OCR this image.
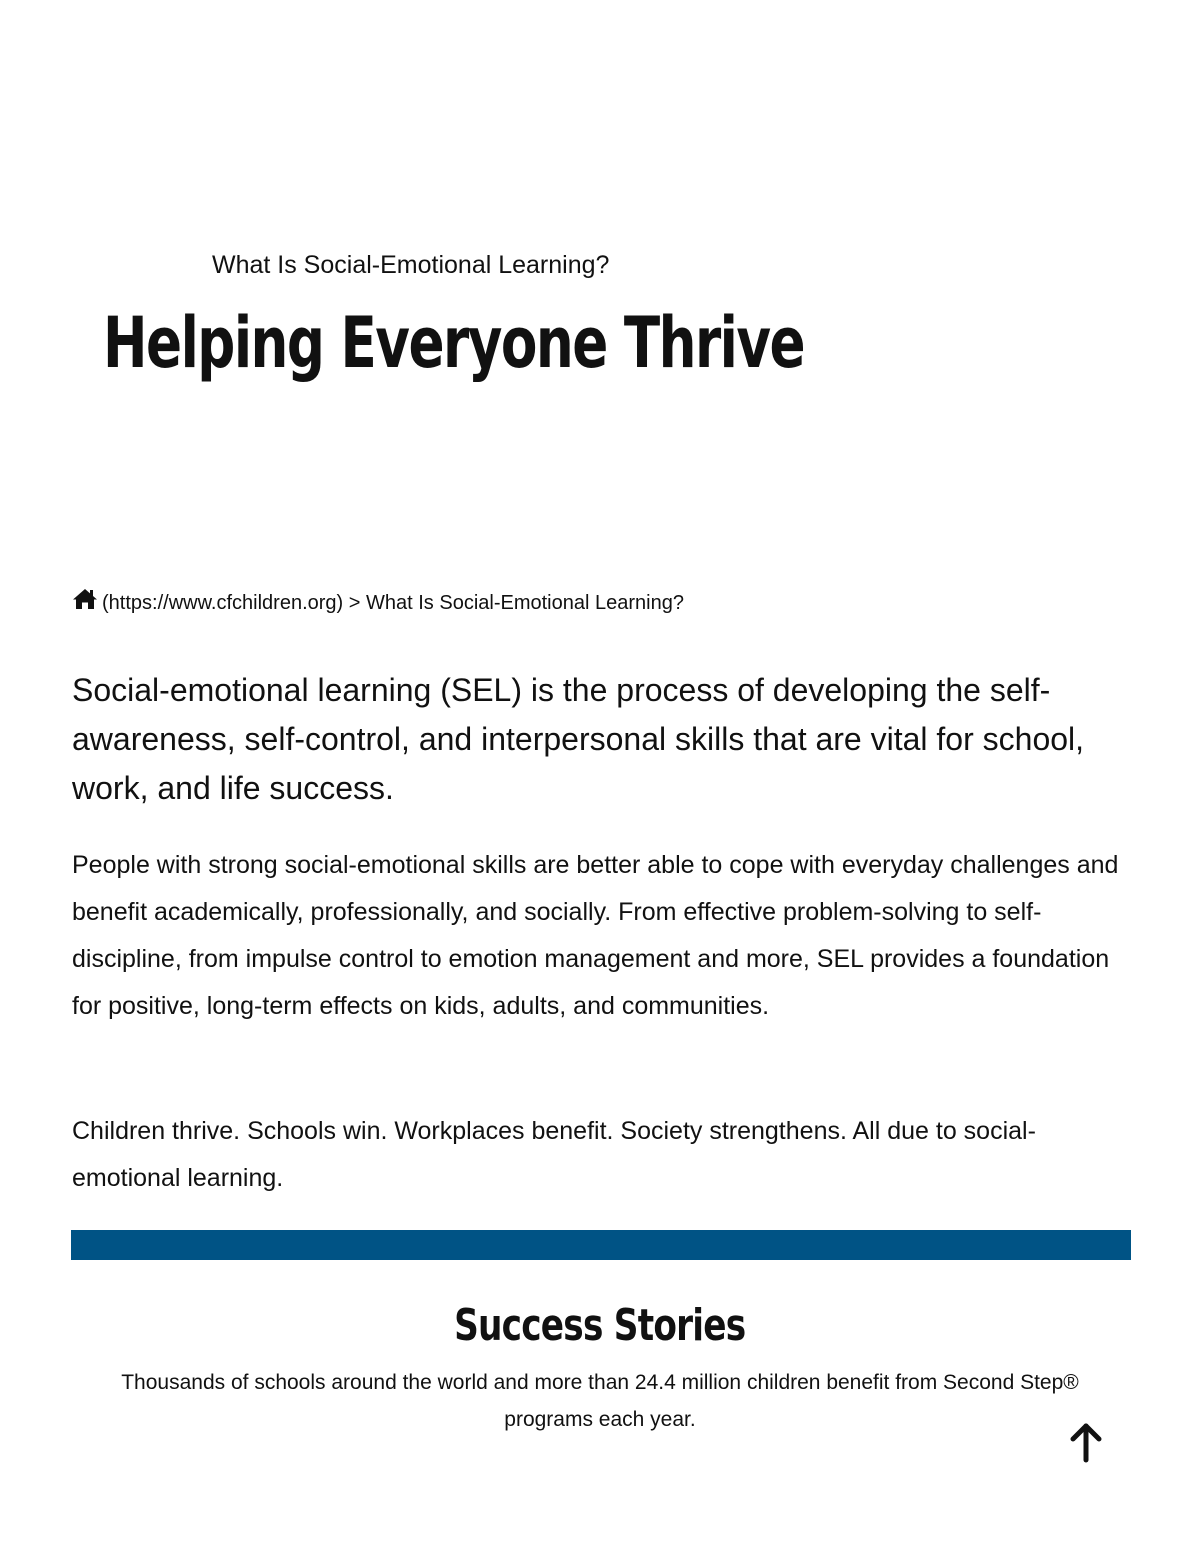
What Is Social-Emotional Learning?
Helping Everyone Thrive
(https://www.cfchildren.org)
>
What Is Social-Emotional Learning?

Social-emotional learning (SEL) is the process of developing the self-awareness, self-control, and interpersonal skills that are vital for school, work, and life success.

People with strong social-emotional skills are better able to cope with everyday challenges and benefit academically, professionally, and socially. From effective problem-solving to self-discipline, from impulse control to emotion management and more, SEL provides a foundation for positive, long-term effects on kids, adults, and communities.

Children thrive. Schools win. Workplaces benefit. Society strengthens. All due to social-emotional learning.

Success Stories

Thousands of schools around the world and more than 24.4 million children benefit from Second Step® programs each year.
